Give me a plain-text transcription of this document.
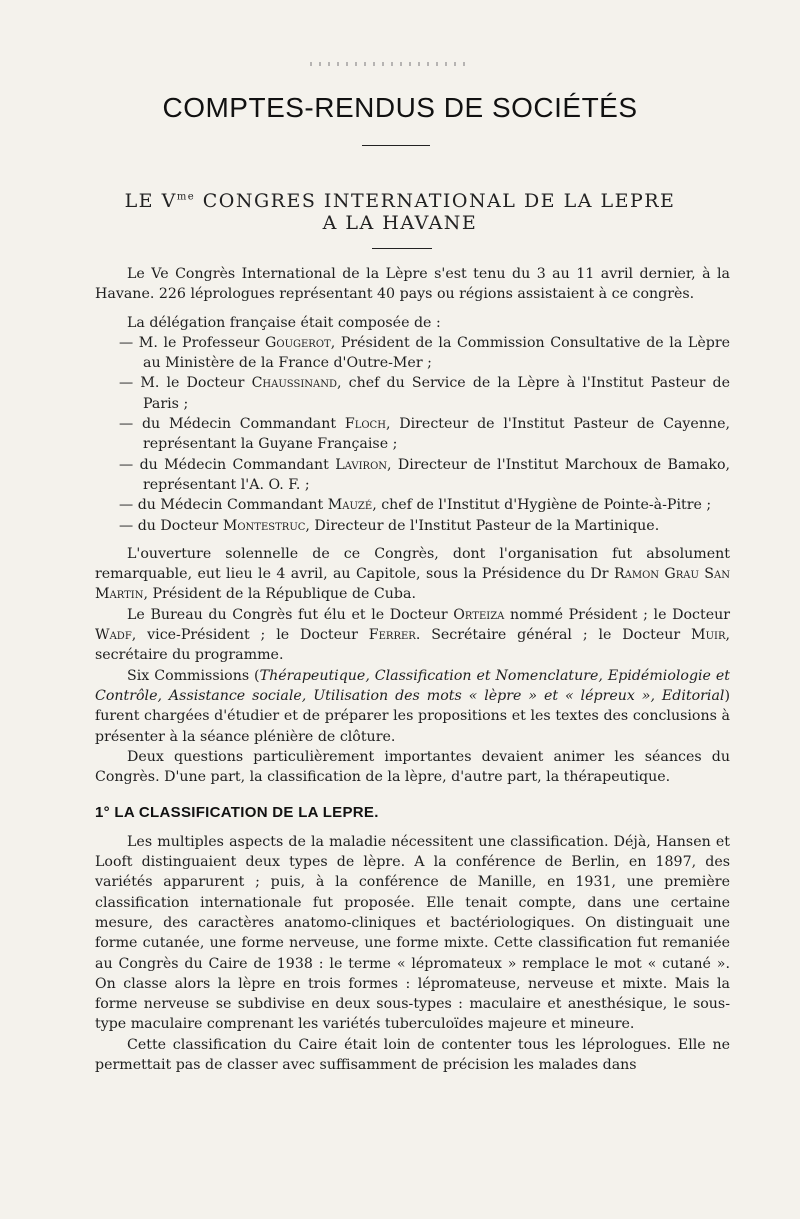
COMPTES-RENDUS DE SOCIÉTÉS
LE $V^{me}$ CONGRES INTERNATIONAL DE LA LEPRE
A LA HAVANE

Le Ve Congrès International de la Lèpre s'est tenu du 3 au 11 avril dernier, à la Havane. 226 léprologues représentant 40 pays ou régions assistaient à ce congrès.

La délégation française était composée de :

— M. le Professeur Gougerot, Président de la Commission Consultative de la Lèpre au Ministère de la France d'Outre-Mer ;

— M. le Docteur Chaussinand, chef du Service de la Lèpre à l'Institut Pasteur de Paris ;

— du Médecin Commandant Floch, Directeur de l'Institut Pasteur de Cayenne, représentant la Guyane Française ;

— du Médecin Commandant Laviron, Directeur de l'Institut Marchoux de Bamako, représentant l'A. O. F. ;

— du Médecin Commandant Mauzé, chef de l'Institut d'Hygiène de Pointe-à-Pitre ;

— du Docteur Montestruc, Directeur de l'Institut Pasteur de la Martinique.

L'ouverture solennelle de ce Congrès, dont l'organisation fut absolument remarquable, eut lieu le 4 avril, au Capitole, sous la Présidence du Dr Ramon Grau San Martin, Président de la République de Cuba.

Le Bureau du Congrès fut élu et le Docteur Orteiza nommé Président ; le Docteur Wadf, vice-Président ; le Docteur Ferrer. Secrétaire général ; le Docteur Muir, secrétaire du programme.

Six Commissions (Thérapeutique, Classification et Nomenclature, Epidémiologie et Contrôle, Assistance sociale, Utilisation des mots « lèpre » et « lépreux », Editorial) furent chargées d'étudier et de préparer les propositions et les textes des conclusions à présenter à la séance plénière de clôture.

Deux questions particulièrement importantes devaient animer les séances du Congrès. D'une part, la classification de la lèpre, d'autre part, la thérapeutique.

1° LA CLASSIFICATION DE LA LEPRE.

Les multiples aspects de la maladie nécessitent une classification. Déjà, Hansen et Looft distinguaient deux types de lèpre. A la conférence de Berlin, en 1897, des variétés apparurent ; puis, à la conférence de Manille, en 1931, une première classification internationale fut proposée. Elle tenait compte, dans une certaine mesure, des caractères anatomo-cliniques et bactériologiques. On distinguait une forme cutanée, une forme nerveuse, une forme mixte. Cette classification fut remaniée au Congrès du Caire de 1938 : le terme « lépromateux » remplace le mot « cutané ». On classe alors la lèpre en trois formes : lépromateuse, nerveuse et mixte. Mais la forme nerveuse se subdivise en deux sous-types : maculaire et anesthésique, le sous-type maculaire comprenant les variétés tuberculoïdes majeure et mineure.

Cette classification du Caire était loin de contenter tous les léprologues. Elle ne permettait pas de classer avec suffisamment de précision les malades dans
